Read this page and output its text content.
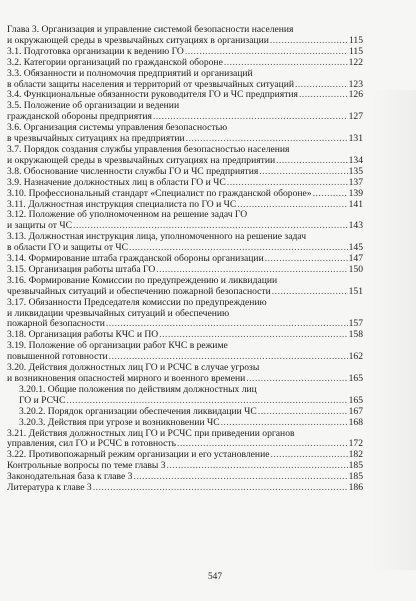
Глава 3. Организация и управление системой безопасности населения
и окружающей среды в чрезвычайных ситуациях в организации .....	115
3.1. Подготовка организации к ведению ГО .....	115
3.2. Категории организаций по гражданской обороне .....	122
3.3. Обязанности и полномочия предприятий и организаций
в области защиты населения и территорий от чрезвычайных ситуаций .....	123
3.4. Функциональные обязанности руководителя ГО и ЧС предприятия .....	126
3.5. Положение об организации и ведении
гражданской обороны предприятия .....	127
3.6. Организация системы управления безопасностью
в чрезвычайных ситуациях на предприятии .....	131
3.7. Порядок создания службы управления безопасностью населения
и окружающей среды в чрезвычайных ситуациях на предприятии .....	134
3.8. Обоснование численности службы ГО и ЧС предприятия .....	135
3.9. Назначение должностных лиц в области ГО и ЧС .....	137
3.10. Профессиональный стандарт «Специалист по гражданской обороне» .....	139
3.11. Должностная инструкция специалиста по ГО и ЧС .....	141
3.12. Положение об уполномоченном на решение задач ГО
и защиты от ЧС .....	143
3.13. Должностная инструкция лица, уполномоченного на решение задач
в области ГО и защиты от ЧС .....	145
3.14. Формирование штаба гражданской обороны организации .....	147
3.15. Организация работы штаба ГО .....	150
3.16. Формирование Комиссии по предупреждению и ликвидации
чрезвычайных ситуаций и обеспечению пожарной безопасности .....	151
3.17. Обязанности Председателя комиссии по предупреждению
и ликвидации чрезвычайных ситуаций и обеспечению
пожарной безопасности .....	157
3.18. Организация работы КЧС и ПО .....	158
3.19. Положение об организации работ КЧС в режиме
повышенной готовности .....	162
3.20. Действия должностных лиц ГО и РСЧС в случае угрозы
и возникновения опасностей мирного и военного времени .....	165
3.20.1. Общие положения по действиям должностных лиц
ГО и РСЧС .....	165
3.20.2. Порядок организации обеспечения ликвидации ЧС .....	167
3.20.3. Действия при угрозе и возникновении ЧС .....	168
3.21. Действия должностных лиц ГО и РСЧС при приведении органов
управления, сил ГО и РСЧС в готовность .....	172
3.22. Противопожарный режим организации и его установление .....	182
Контрольные вопросы по теме главы 3 .....	185
Законодательная база к главе 3 .....	185
Литература к главе 3 .....	186
547
